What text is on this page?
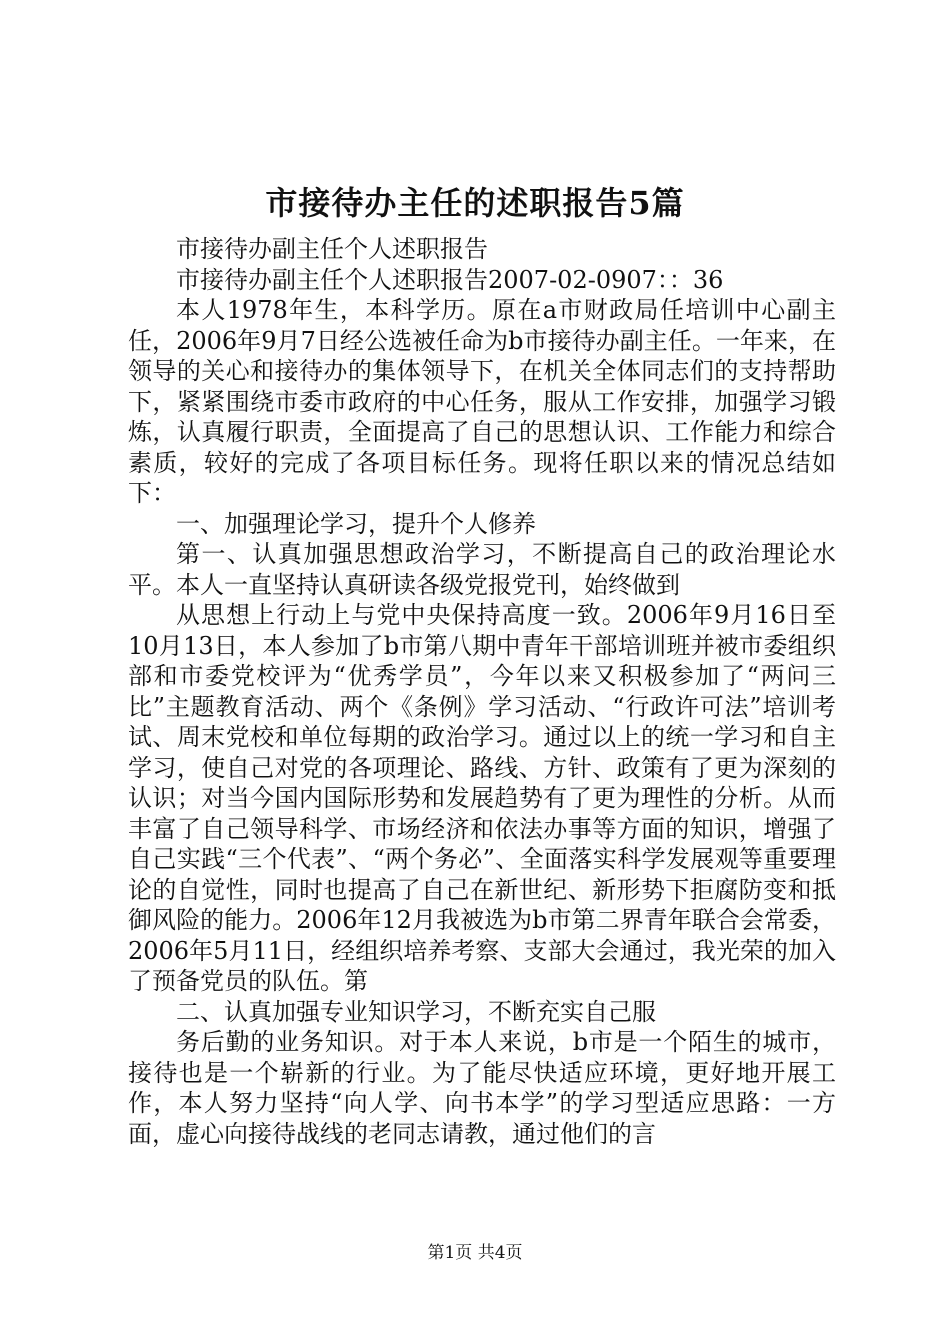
市接待办主任的述职报告5篇

市接待办副主任个人述职报告

市接待办副主任个人述职报告2007-02-0907：：36

本人1978年生，本科学历。原在a市财政局任培训中心副主任，2006年9月7日经公选被任命为b市接待办副主任。一年来，在领导的关心和接待办的集体领导下，在机关全体同志们的支持帮助下，紧紧围绕市委市政府的中心任务，服从工作安排，加强学习锻炼，认真履行职责，全面提高了自己的思想认识、工作能力和综合素质，较好的完成了各项目标任务。现将任职以来的情况总结如下：

一、加强理论学习，提升个人修养

第一、认真加强思想政治学习，不断提高自己的政治理论水平。本人一直坚持认真研读各级党报党刊，始终做到

从思想上行动上与党中央保持高度一致。2006年9月16日至10月13日，本人参加了b市第八期中青年干部培训班并被市委组织部和市委党校评为“优秀学员”，今年以来又积极参加了“两问三比”主题教育活动、两个《条例》学习活动、“行政许可法”培训考试、周末党校和单位每期的政治学习。通过以上的统一学习和自主学习，使自己对党的各项理论、路线、方针、政策有了更为深刻的认识；对当今国内国际形势和发展趋势有了更为理性的分析。从而丰富了自己领导科学、市场经济和依法办事等方面的知识，增强了自己实践“三个代表”、“两个务必”、全面落实科学发展观等重要理论的自觉性，同时也提高了自己在新世纪、新形势下拒腐防变和抵御风险的能力。2006年12月我被选为b市第二界青年联合会常委，2006年5月11日，经组织培养考察、支部大会通过，我光荣的加入了预备党员的队伍。第

二、认真加强专业知识学习，不断充实自己服

务后勤的业务知识。对于本人来说，b市是一个陌生的城市，接待也是一个崭新的行业。为了能尽快适应环境，更好地开展工作，本人努力坚持“向人学、向书本学”的学习型适应思路：一方面，虚心向接待战线的老同志请教，通过他们的言

第1页 共4页
